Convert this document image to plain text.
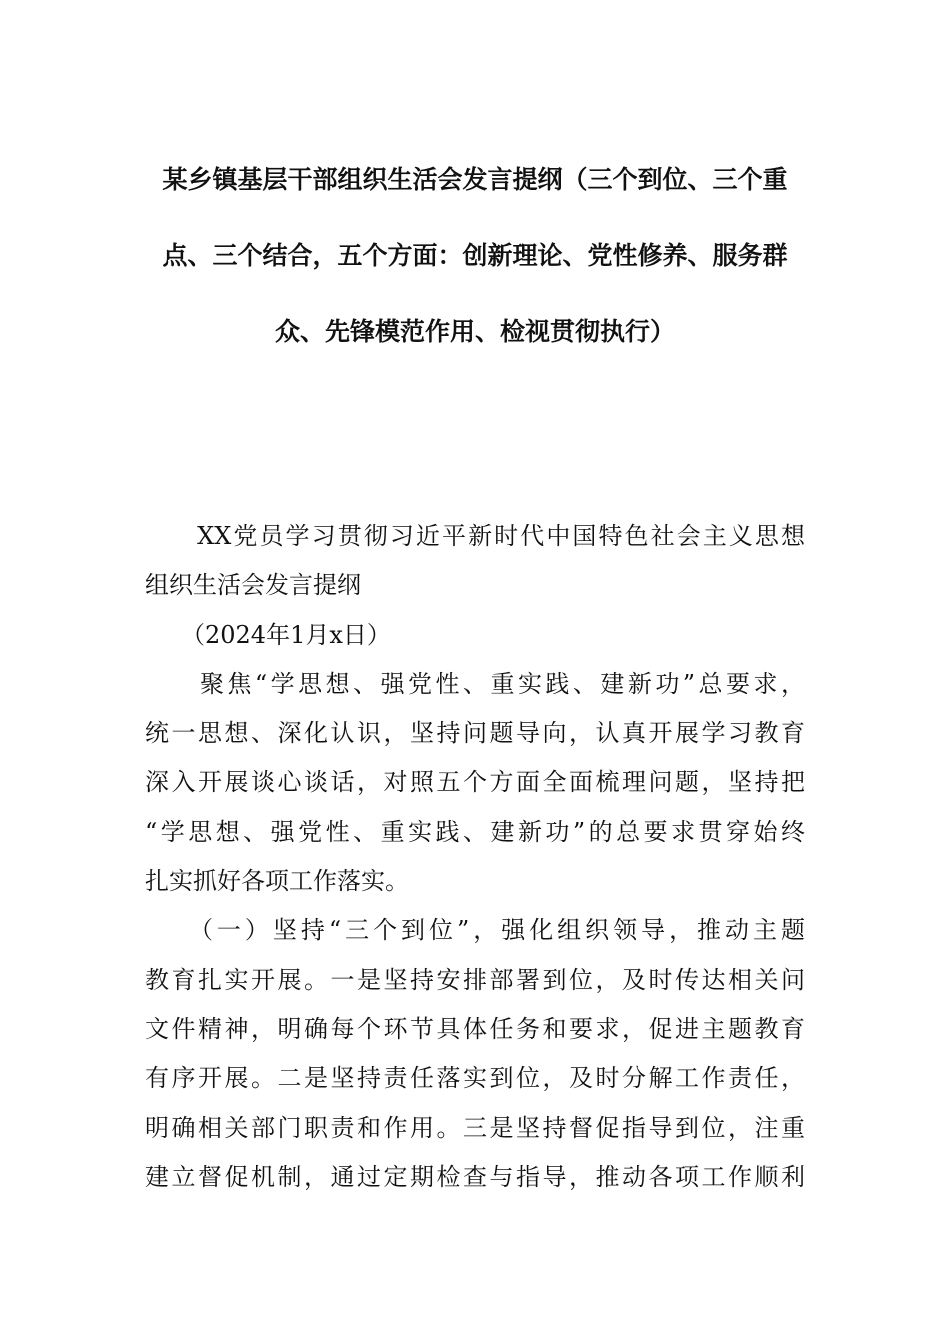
某乡镇基层干部组织生活会发言提纲（三个到位、三个重
点、三个结合，五个方面：创新理论、党性修养、服务群
众、先锋模范作用、检视贯彻执行）
　　XX党员学习贯彻习近平新时代中国特色社会主义思想
组织生活会发言提纲
　　（2024年1月x日）
　　聚焦“学思想、强党性、重实践、建新功”总要求，
统一思想、深化认识，坚持问题导向，认真开展学习教育
深入开展谈心谈话，对照五个方面全面梳理问题，坚持把
“学思想、强党性、重实践、建新功”的总要求贯穿始终
扎实抓好各项工作落实。
　　（一）坚持“三个到位”，强化组织领导，推动主题
教育扎实开展。一是坚持安排部署到位，及时传达相关问
文件精神，明确每个环节具体任务和要求，促进主题教育
有序开展。二是坚持责任落实到位，及时分解工作责任，
明确相关部门职责和作用。三是坚持督促指导到位，注重
建立督促机制，通过定期检查与指导，推动各项工作顺利
